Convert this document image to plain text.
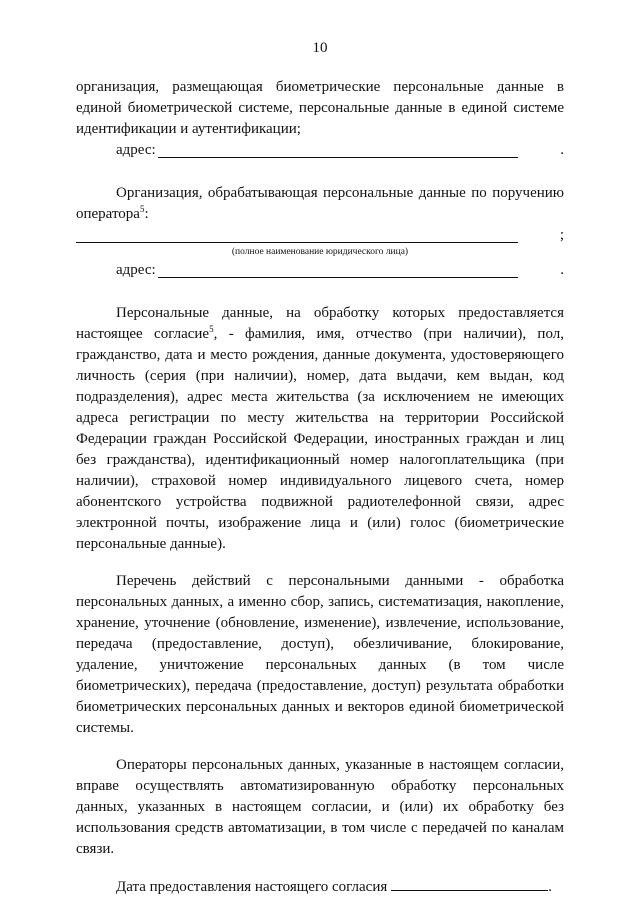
10

организация, размещающая биометрические персональные данные в единой биометрической системе, персональные данные в единой системе идентификации и аутентификации;

адрес:	.

Организация, обрабатывающая персональные данные по поручению оператора$^5$:

;
(полное наименование юридического лица)
адрес:	.

Персональные данные, на обработку которых предоставляется настоящее согласие$^5$, - фамилия, имя, отчество (при наличии), пол, гражданство, дата и место рождения, данные документа, удостоверяющего личность (серия (при наличии), номер, дата выдачи, кем выдан, код подразделения), адрес места жительства (за исключением не имеющих адреса регистрации по месту жительства на территории Российской Федерации граждан Российской Федерации, иностранных граждан и лиц без гражданства), идентификационный номер налогоплательщика (при наличии), страховой номер индивидуального лицевого счета, номер абонентского устройства подвижной радиотелефонной связи, адрес электронной почты, изображение лица и (или) голос (биометрические персональные данные).

Перечень действий с персональными данными - обработка персональных данных, а именно сбор, запись, систематизация, накопление, хранение, уточнение (обновление, изменение), извлечение, использование, передача (предоставление, доступ), обезличивание, блокирование, удаление, уничтожение персональных данных (в том числе биометрических), передача (предоставление, доступ) результата обработки биометрических персональных данных и векторов единой биометрической системы.

Операторы персональных данных, указанные в настоящем согласии, вправе осуществлять автоматизированную обработку персональных данных, указанных в настоящем согласии, и (или) их обработку без использования средств автоматизации, в том числе с передачей по каналам связи.

Дата предоставления настоящего согласия	.
